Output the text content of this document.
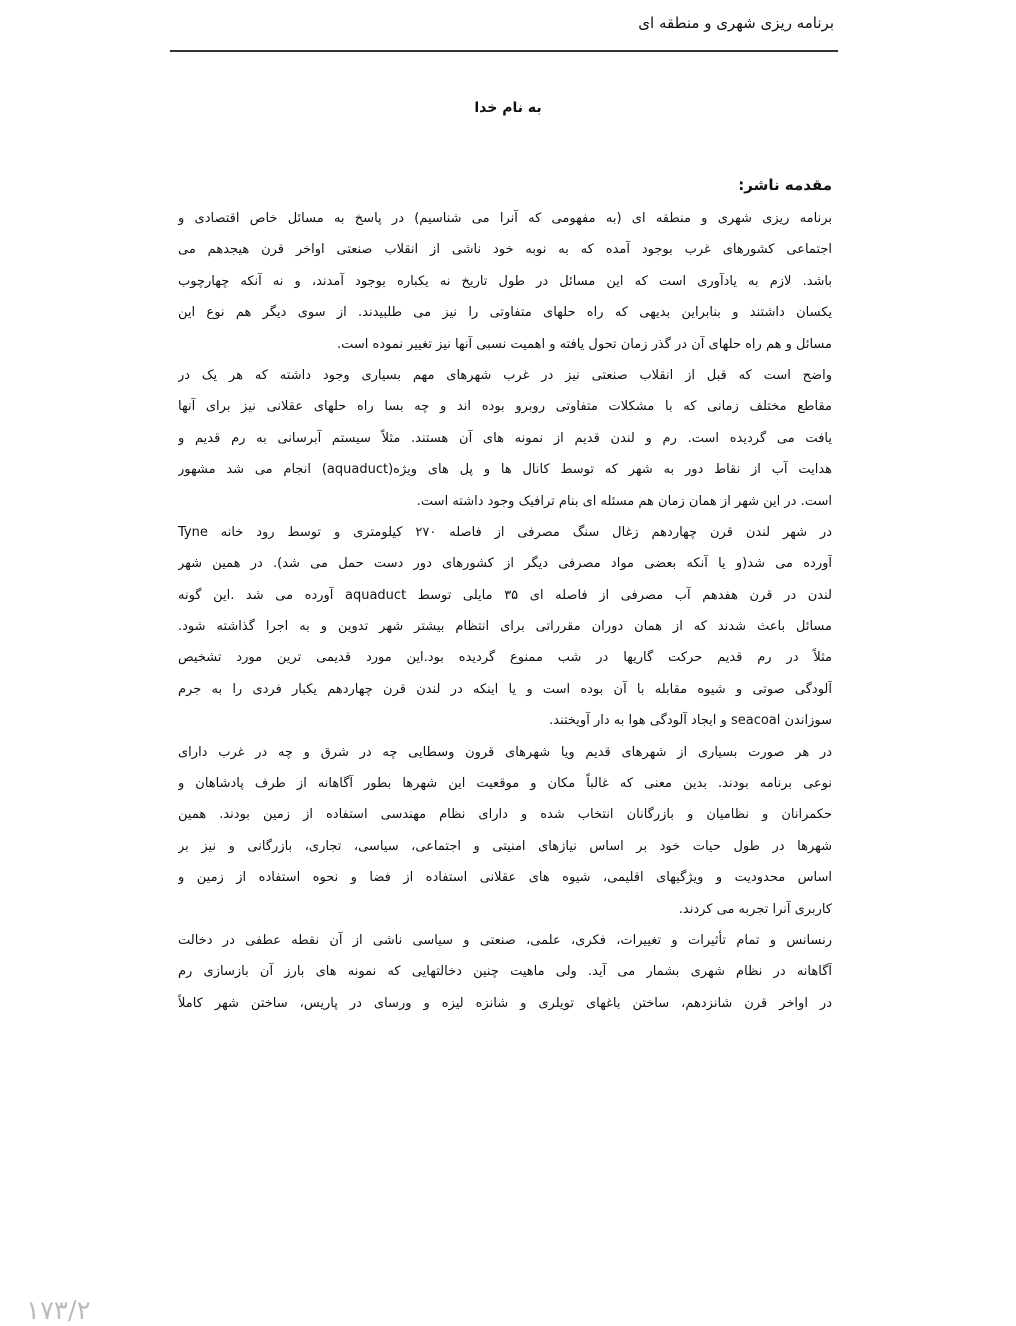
برنامه ریزی شهری و منطقه ای
به نام خدا
مقدمه ناشر:
برنامه ریزی شهری و منطقه ای (به مفهومی که آنرا می شناسیم) در پاسخ به مسائل خاص اقتصادی و
اجتماعی کشورهای غرب بوجود آمده که به نوبه خود ناشی از انقلاب صنعتی اواخر قرن هیجدهم می
باشد. لازم به یادآوری است که این مسائل در طول تاریخ نه یکباره بوجود آمدند، و نه آنکه چهارچوب
یکسان داشتند و بنابراین بدیهی که راه حلهای متفاوتی را نیز می طلبیدند. از سوی دیگر هم نوع این
مسائل و هم راه حلهای آن در گذر زمان تحول یافته و اهمیت نسبی آنها نیز تغییر نموده است.
واضح است که قبل از انقلاب صنعتی نیز در غرب شهرهای مهم بسیاری وجود داشته که هر یک در
مقاطع مختلف زمانی که با مشکلات متفاوتی روبرو بوده اند و چه بسا راه حلهای عقلانی نیز برای آنها
یافت می گردیده است. رم و لندن قدیم از نمونه های آن هستند. مثلاً سیستم آبرسانی به رم قدیم و
هدایت آب از نقاط دور به شهر که توسط کانال ها و پل های ویژه(aquaduct) انجام می شد مشهور
است. در این شهر از همان زمان هم مسئله ای بنام ترافیک وجود داشته است.
در شهر لندن قرن چهاردهم زغال سنگ مصرفی از فاصله ۲۷۰ کیلومتری و توسط رود خانه Tyne
آورده می شد(و یا آنکه بعضی مواد مصرفی دیگر از کشورهای دور دست حمل می شد). در همین شهر
لندن در قرن هفدهم آب مصرفی از فاصله ای ۳۵ مایلی توسط aquaduct آورده می شد .این گونه
مسائل باعث شدند که از همان دوران مقرراتی برای انتظام بیشتر شهر تدوین و به اجرا گذاشته شود.
مثلاً در رم قدیم حرکت گاریها در شب ممنوع گردیده بود.این مورد قدیمی ترین مورد تشخیص
آلودگی صوتی و شیوه مقابله با آن بوده است و یا اینکه در لندن قرن چهاردهم یکبار فردی را به جرم
سوزاندن seacoal و ایجاد آلودگی هوا به دار آویختند.
در هر صورت بسیاری از شهرهای قدیم ویا شهرهای قرون وسطایی چه در شرق و چه در غرب دارای
نوعی برنامه بودند. بدین معنی که غالباً مکان و موقعیت این شهرها بطور آگاهانه از طرف پادشاهان و
حکمرانان و نظامیان و بازرگانان انتخاب شده و دارای نظام مهندسی استفاده از زمین بودند. همین
شهرها در طول حیات خود بر اساس نیازهای امنیتی و اجتماعی، سیاسی، تجاری، بازرگانی و نیز بر
اساس محدودیت و ویژگیهای اقلیمی، شیوه های عقلانی استفاده از فضا و نحوه استفاده از زمین و
کاربری آنرا تجربه می کردند.
رنسانس و تمام تأثیرات و تغییرات، فکری، علمی، صنعتی و سیاسی ناشی از آن نقطه عطفی در دخالت
آگاهانه در نظام شهری بشمار می آید. ولی ماهیت چنین دخالتهایی که نمونه های بارز آن بازسازی رم
در اواخر قرن شانزدهم، ساختن باغهای تویلری و شانزه لیزه و ورسای در پاریس، ساختن شهر کاملاً
۱۷۳/۲
